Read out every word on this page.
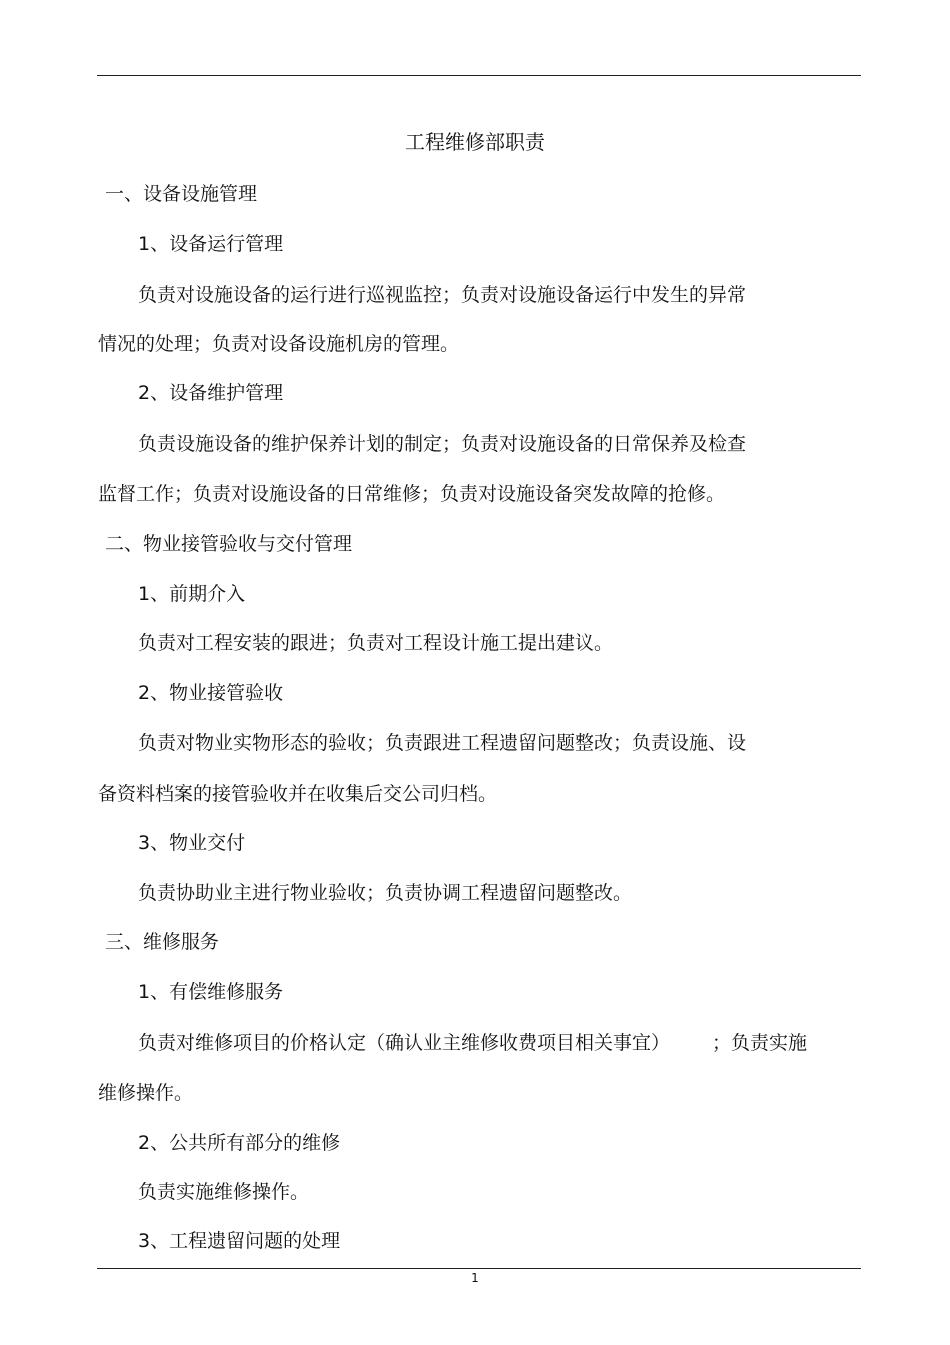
工程维修部职责
一、设备设施管理
1、设备运行管理
负责对设施设备的运行进行巡视监控；负责对设施设备运行中发生的异常
情况的处理；负责对设备设施机房的管理。
2、设备维护管理
负责设施设备的维护保养计划的制定；负责对设施设备的日常保养及检查
监督工作；负责对设施设备的日常维修；负责对设施设备突发故障的抢修。
二、物业接管验收与交付管理
1、前期介入
负责对工程安装的跟进；负责对工程设计施工提出建议。
2、物业接管验收
负责对物业实物形态的验收；负责跟进工程遗留问题整改；负责设施、设
备资料档案的接管验收并在收集后交公司归档。
3、物业交付
负责协助业主进行物业验收；负责协调工程遗留问题整改。
三、维修服务
1、有偿维修服务
负责对维修项目的价格认定（确认业主维修收费项目相关事宜） ；负责实施
维修操作。
2、公共所有部分的维修
负责实施维修操作。
3、工程遗留问题的处理
1
